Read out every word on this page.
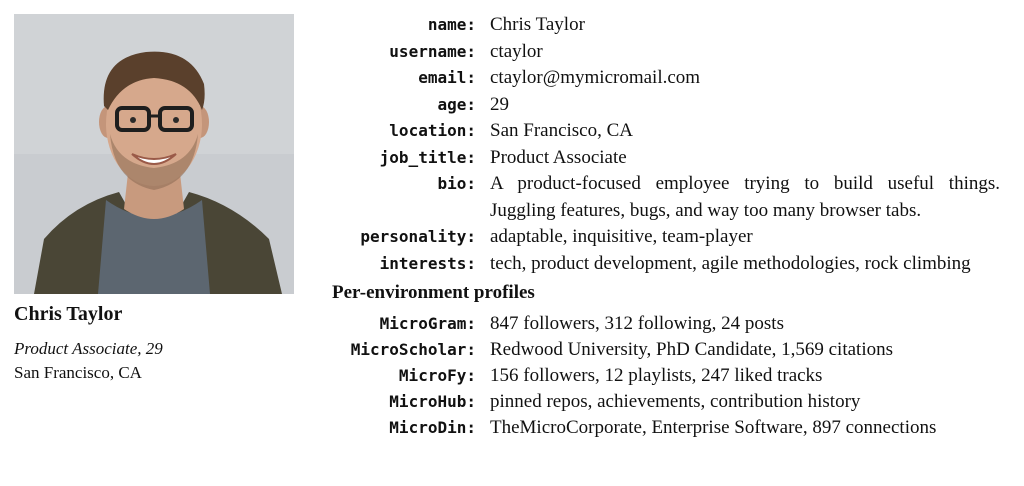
Chris Taylor
Product Associate, 29
San Francisco, CA
name: Chris Taylor
username: ctaylor
email: ctaylor@mymicromail.com
age: 29
location: San Francisco, CA
job_title: Product Associate
bio: A product-focused employee trying to build useful things. Juggling features, bugs, and way too many browser tabs.
personality: adaptable, inquisitive, team-player
interests: tech, product development, agile methodologies, rock climbing
Per-environment profiles
MicroGram: 847 followers, 312 following, 24 posts
MicroScholar: Redwood University, PhD Candidate, 1,569 citations
MicroFy: 156 followers, 12 playlists, 247 liked tracks
MicroHub: pinned repos, achievements, contribution history
MicroDin: TheMicroCorporate, Enterprise Software, 897 connections
